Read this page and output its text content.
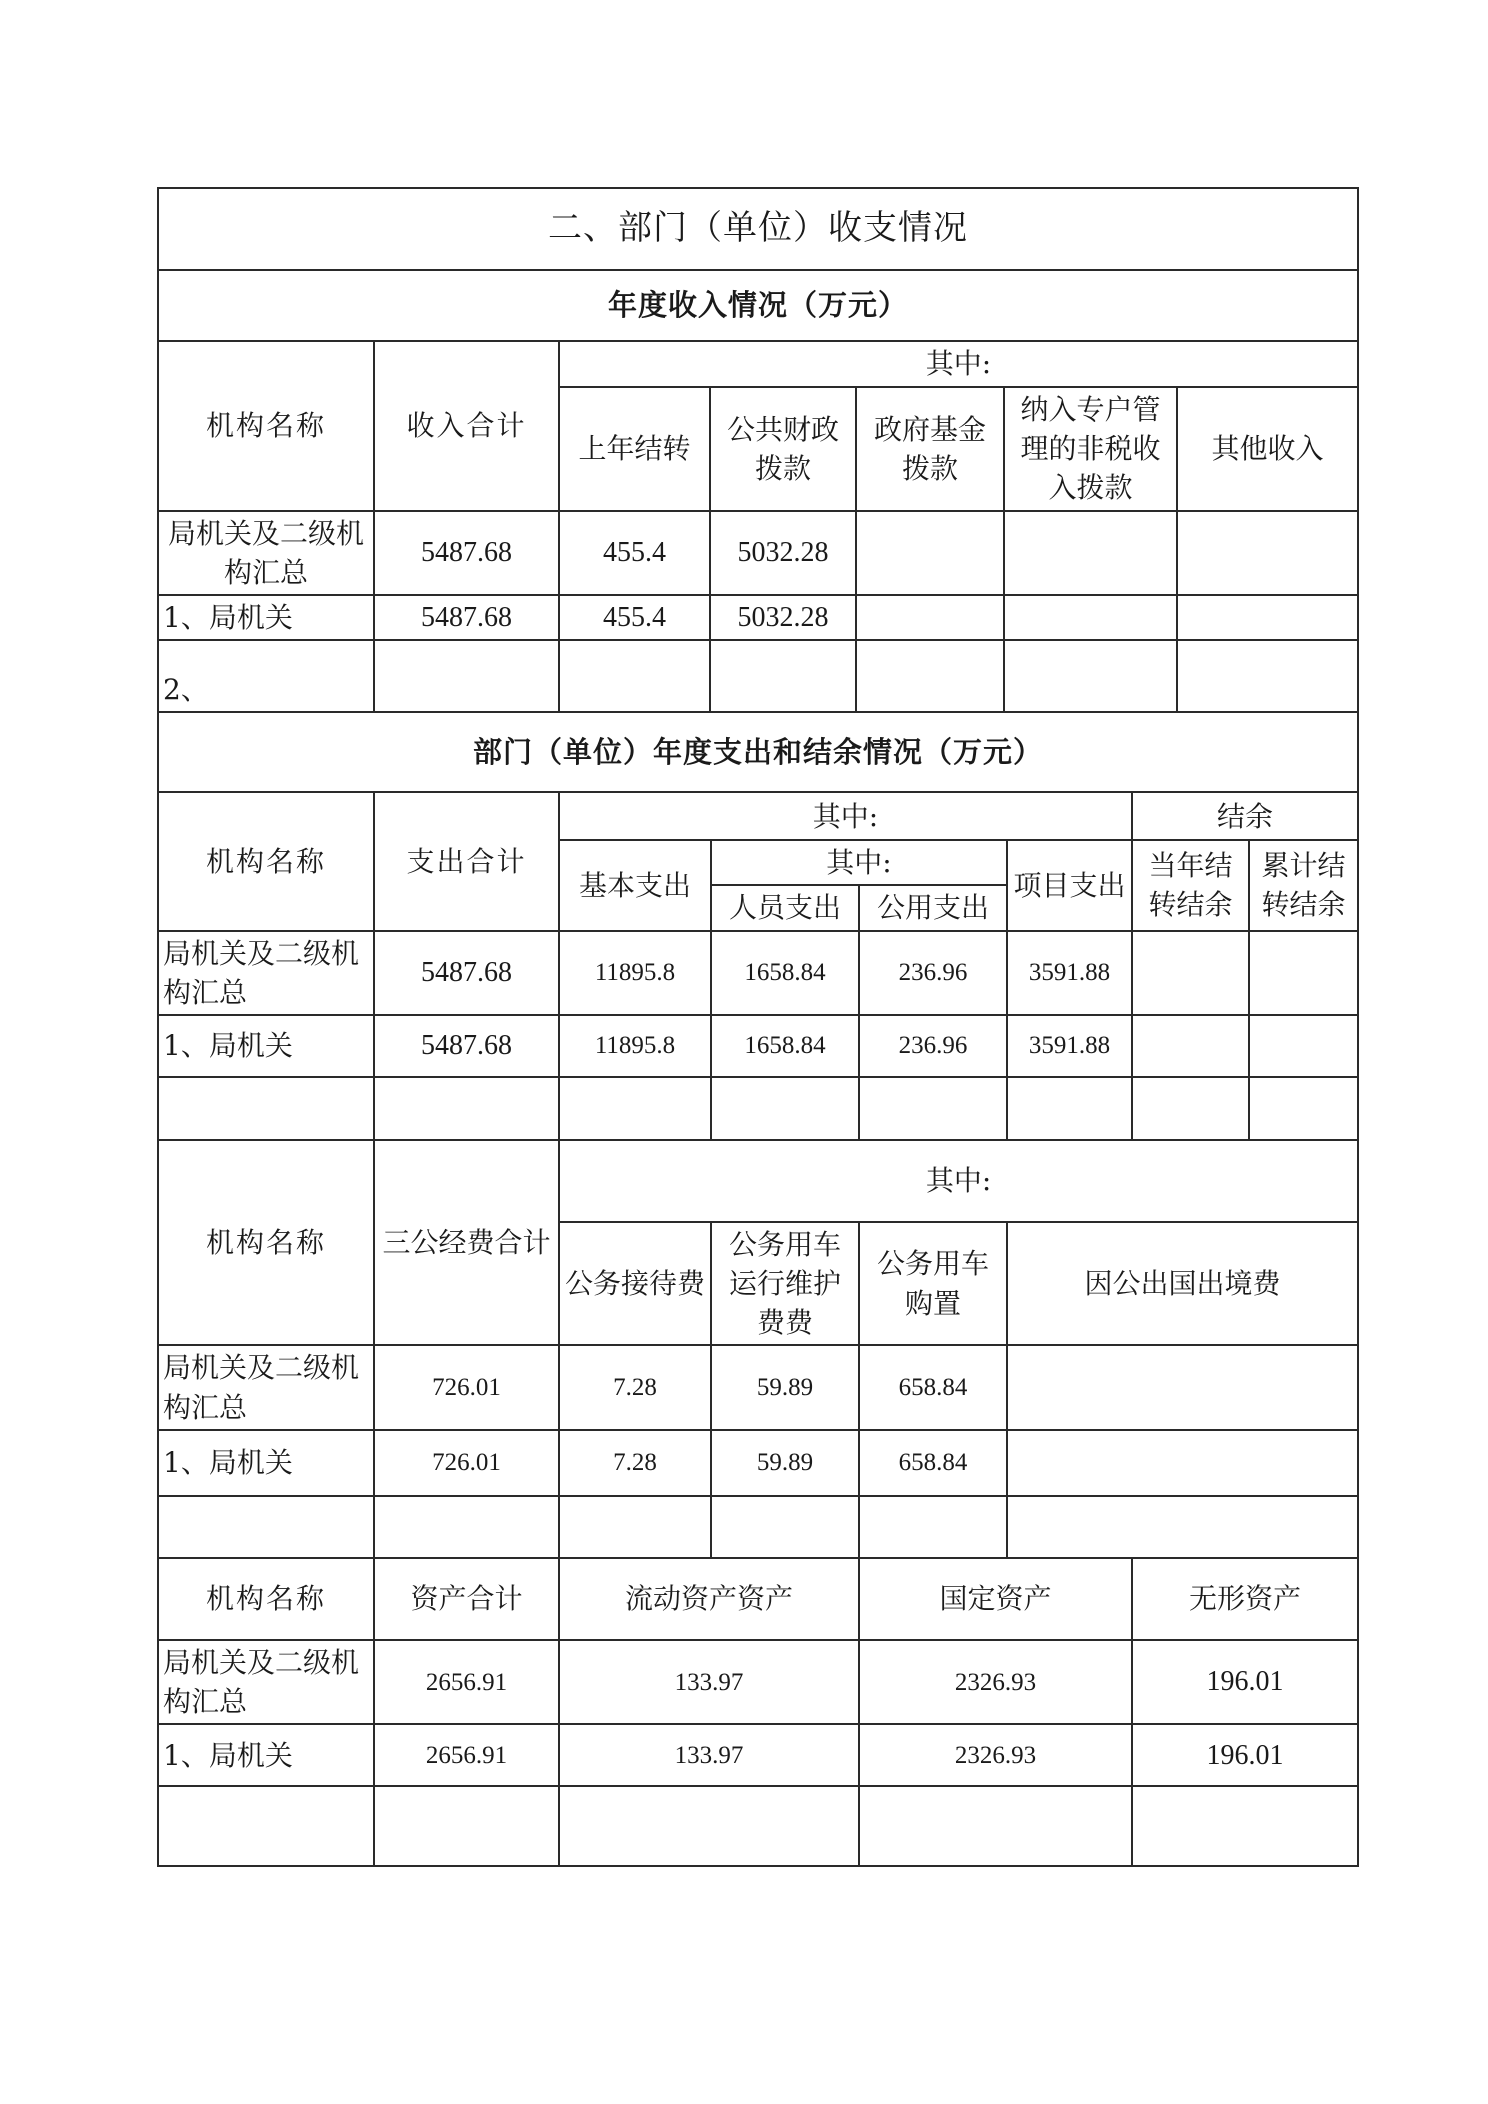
二、部门（单位）收支情况						
年度收入情况（万元）						
机构名称	收入合计	其中:				
		上年结转	公共财政拨款	政府基金拨款	纳入专户管理的非税收入拨款	其他收入
局机关及二级机构汇总	5487.68	455.4	5032.28			
1、局机关	5487.68	455.4	5032.28			
2、						
部门（单位）年度支出和结余情况（万元）						
机构名称	支出合计	其中:				结余	
		基本支出	其中:		项目支出	当年结转结余	累计结转结余
			人员支出	公用支出			
局机关及二级机构汇总	5487.68	11895.8	1658.84	236.96	3591.88		
1、局机关	5487.68	11895.8	1658.84	236.96	3591.88		

机构名称	三公经费合计	其中:					
		公务接待费	公务用车运行维护费费	公务用车购置	因公出国出境费		
局机关及二级机构汇总	726.01	7.28	59.89	658.84			
1、局机关	726.01	7.28	59.89	658.84			

机构名称	资产合计	流动资产资产		国定资产		无形资产	
局机关及二级机构汇总	2656.91	133.97		2326.93		196.01	
1、局机关	2656.91	133.97		2326.93		196.01	
